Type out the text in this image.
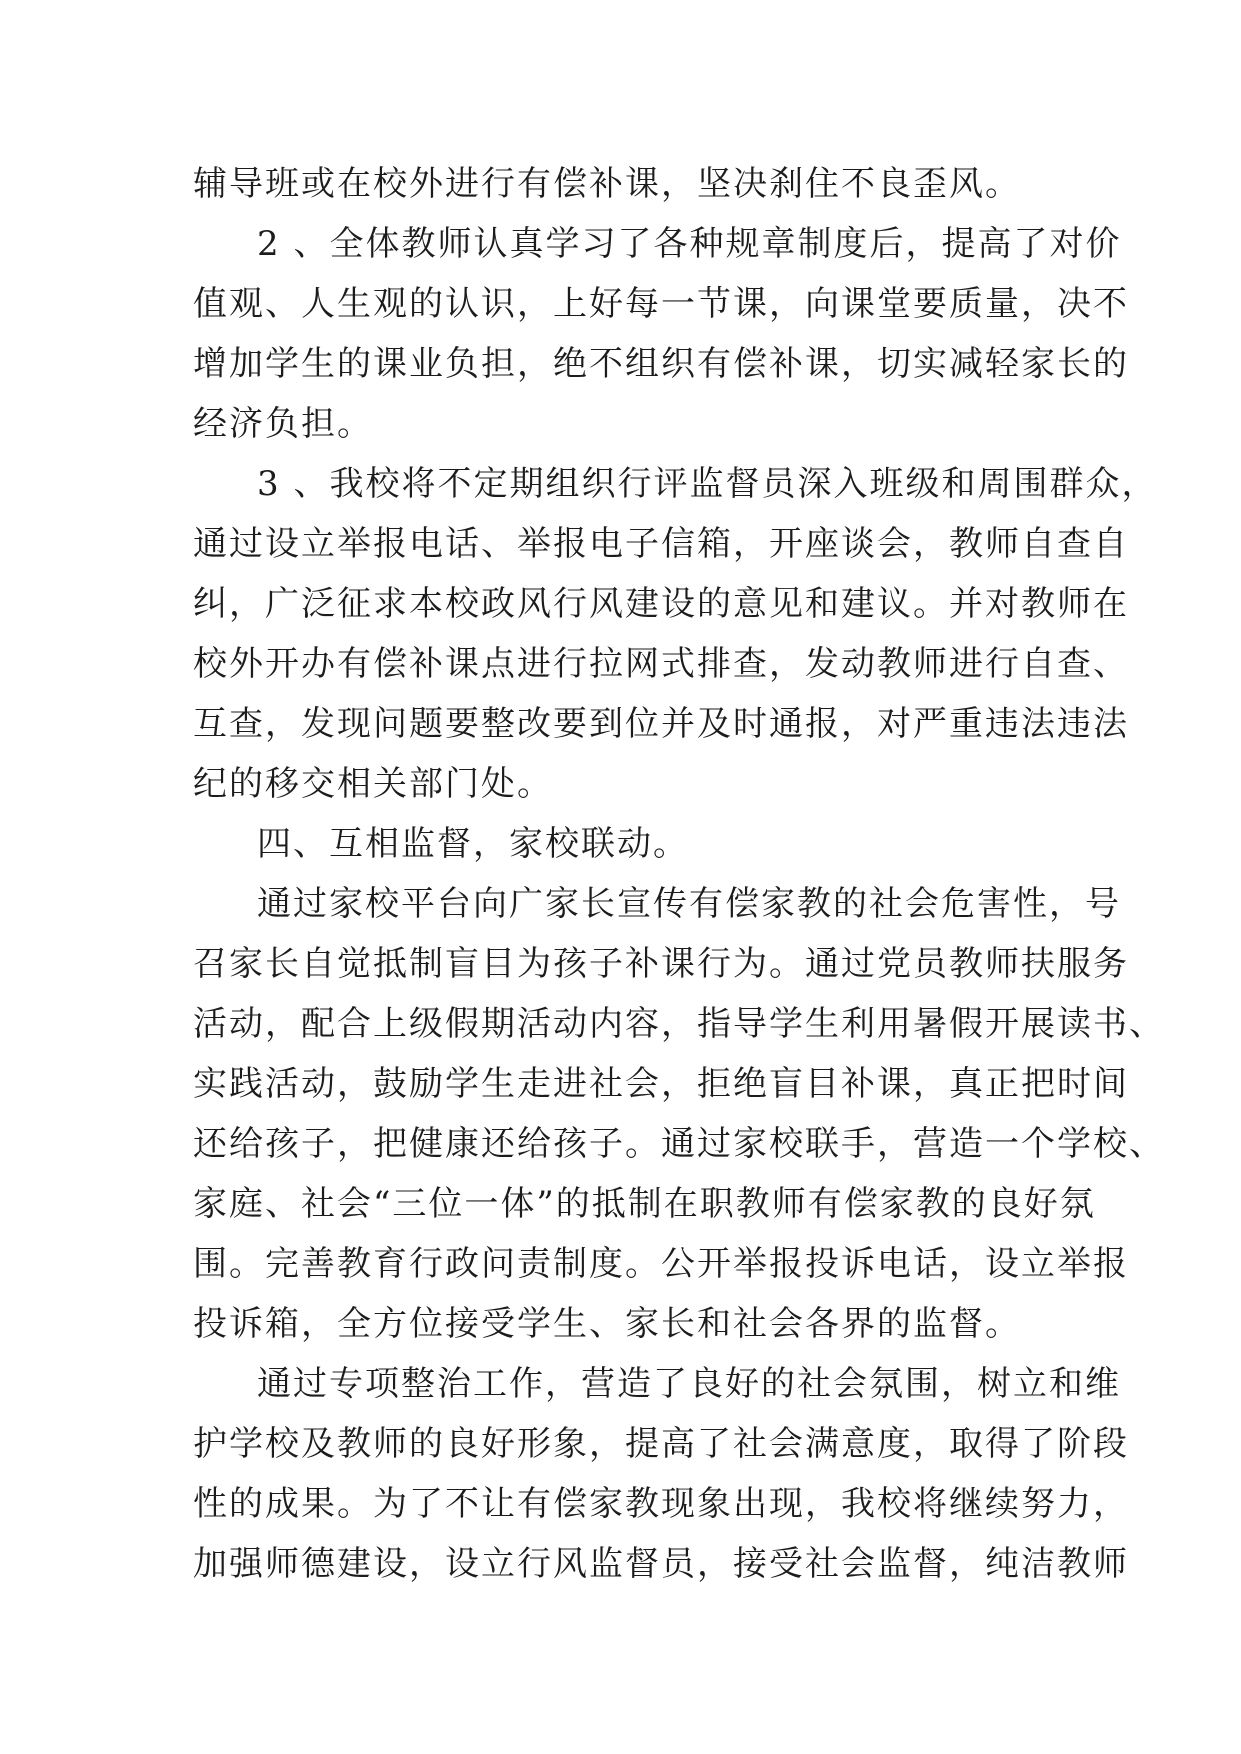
辅导班或在校外进行有偿补课，坚决刹住不良歪风。
2 、全体教师认真学习了各种规章制度后，提高了对价
值观、人生观的认识，上好每一节课，向课堂要质量，决不
增加学生的课业负担，绝不组织有偿补课，切实减轻家长的
经济负担。
3 、我校将不定期组织行评监督员深入班级和周围群众，
通过设立举报电话、举报电子信箱，开座谈会，教师自查自
纠，广泛征求本校政风行风建设的意见和建议。并对教师在
校外开办有偿补课点进行拉网式排查，发动教师进行自查、
互查，发现问题要整改要到位并及时通报，对严重违法违法
纪的移交相关部门处。
四、互相监督，家校联动。
通过家校平台向广家长宣传有偿家教的社会危害性，号
召家长自觉抵制盲目为孩子补课行为。通过党员教师扶服务
活动，配合上级假期活动内容，指导学生利用暑假开展读书、
实践活动，鼓励学生走进社会，拒绝盲目补课，真正把时间
还给孩子，把健康还给孩子。通过家校联手，营造一个学校、
家庭、社会“三位一体”的抵制在职教师有偿家教的良好氛
围。完善教育行政问责制度。公开举报投诉电话，设立举报
投诉箱，全方位接受学生、家长和社会各界的监督。
通过专项整治工作，营造了良好的社会氛围，树立和维
护学校及教师的良好形象，提高了社会满意度，取得了阶段
性的成果。为了不让有偿家教现象出现，我校将继续努力，
加强师德建设，设立行风监督员，接受社会监督，纯洁教师
